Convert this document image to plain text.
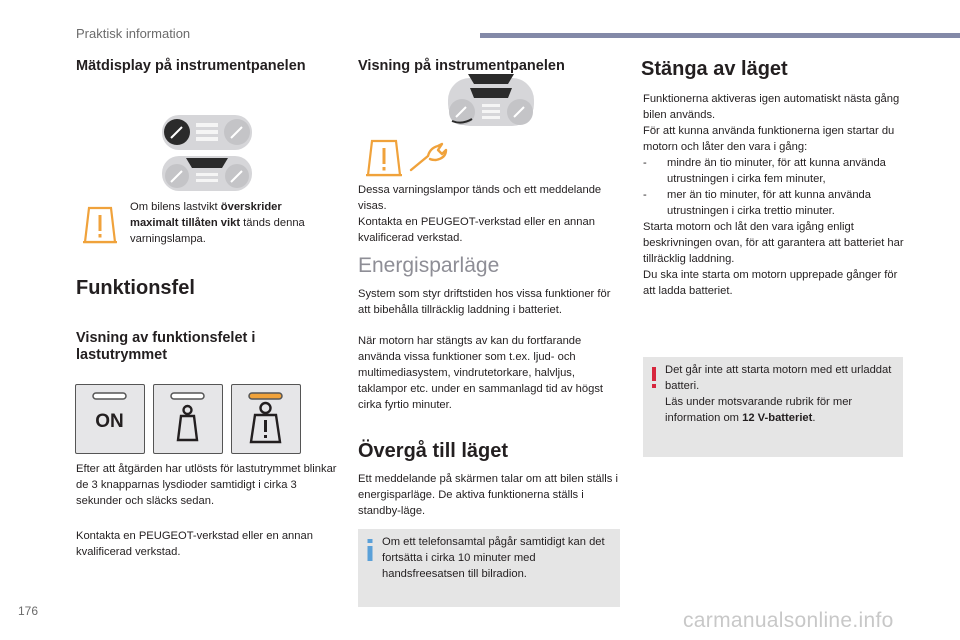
Praktisk information
Mätdisplay på instrumentpanelen

Om bilens lastvikt överskrider maximalt tillåten vikt tänds denna varningslampa.

Funktionsfel
Visning av funktionsfelet i lastutrymmet
ON

Efter att åtgärden har utlösts för lastutrymmet blinkar de 3 knapparnas lysdioder samtidigt i cirka 3 sekunder och släcks sedan.

Kontakta en PEUGEOT-verkstad eller en annan kvalificerad verkstad.

Visning på instrumentpanelen

Dessa varningslampor tänds och ett meddelande visas.

Kontakta en PEUGEOT-verkstad eller en annan kvalificerad verkstad.

Energisparläge

System som styr driftstiden hos vissa funktioner för att bibehålla tillräcklig laddning i batteriet.

När motorn har stängts av kan du fortfarande använda vissa funktioner som t.ex. ljud- och multimediasystem, vindrutetorkare, halvljus, taklampor etc. under en sammanlagd tid av högst cirka fyrtio minuter.

Övergå till läget

Ett meddelande på skärmen talar om att bilen ställs i energisparläge. De aktiva funktionerna ställs i standby-läge.

Om ett telefonsamtal pågår samtidigt kan det fortsätta i cirka 10 minuter med handsfreesatsen till bilradion.

Stänga av läget

Funktionerna aktiveras igen automatiskt nästa gång bilen används.

För att kunna använda funktionerna igen startar du motorn och låter den vara i gång:

-	mindre än tio minuter, för att kunna använda utrustningen i cirka fem minuter,
-	mer än tio minuter, för att kunna använda utrustningen i cirka trettio minuter.

Starta motorn och låt den vara igång enligt beskrivningen ovan, för att garantera att batteriet har tillräcklig laddning.

Du ska inte starta om motorn upprepade gånger för att ladda batteriet.

Det går inte att starta motorn med ett urladdat batteri.
Läs under motsvarande rubrik för mer information om 12 V-batteriet.
176	carmanualsonline.info
